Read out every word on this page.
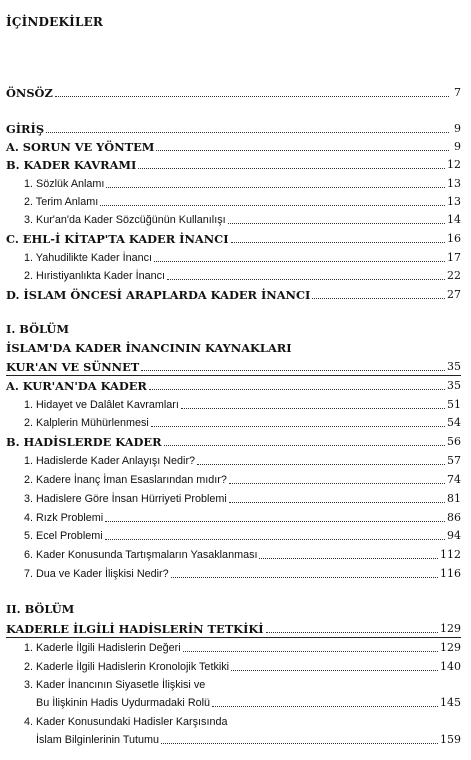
İÇİNDEKİLER
ÖNSÖZ	7
GİRİŞ	9
A. SORUN VE YÖNTEM	9
B. KADER KAVRAMI	12
1. Sözlük Anlamı	13
2. Terim Anlamı	13
3. Kur'an'da Kader Sözcüğünün Kullanılışı	14
C. EHL-İ KİTAP'TA KADER İNANCI	16
1. Yahudilikte Kader İnancı	17
2. Hıristiyanlıkta Kader İnancı	22
D. İSLAM ÖNCESİ ARAPLARDA KADER İNANCI	27
I. BÖLÜM
İSLAM'DA KADER İNANCININ KAYNAKLARI
KUR'AN VE SÜNNET	35
A. KUR'AN'DA KADER	35
1. Hidayet ve Dalâlet Kavramları	51
2. Kalplerin Mühürlenmesi	54
B. HADİSLERDE KADER	56
1. Hadislerde Kader Anlayışı Nedir?	57
2. Kadere İnanç İman Esaslarından mıdır?	74
3. Hadislere Göre İnsan Hürriyeti Problemi	81
4. Rızk Problemi	86
5. Ecel Problemi	94
6. Kader Konusunda Tartışmaların Yasaklanması	112
7. Dua ve Kader İlişkisi Nedir?	116
II. BÖLÜM
KADERLE İLGİLİ HADİSLERİN TETKİKİ	129
1. Kaderle İlgili Hadislerin Değeri	129
2. Kaderle İlgili Hadislerin Kronolojik Tetkiki	140
3. Kader İnancının Siyasetle İlişkisi ve
Bu İlişkinin Hadis Uydurmadaki Rolü	145
4. Kader Konusundaki Hadisler Karşısında
İslam Bilginlerinin Tutumu	159
